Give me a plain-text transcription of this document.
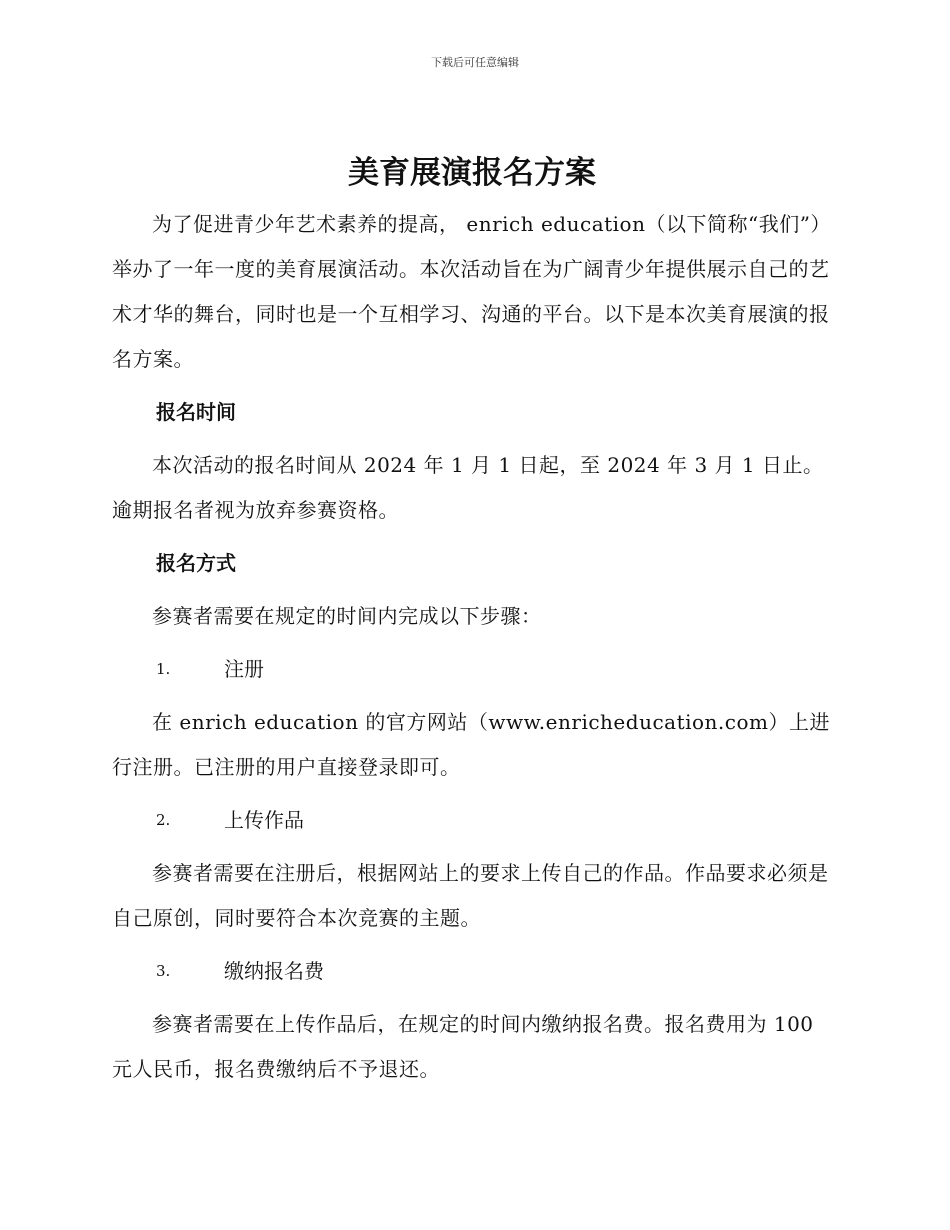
下载后可任意编辑
美育展演报名方案

为了促进青少年艺术素养的提高， enrich education（以下简称“我们”）举办了一年一度的美育展演活动。本次活动旨在为广阔青少年提供展示自己的艺术才华的舞台，同时也是一个互相学习、沟通的平台。以下是本次美育展演的报名方案。

报名时间

本次活动的报名时间从 2024 年 1 月 1 日起，至 2024 年 3 月 1 日止。逾期报名者视为放弃参赛资格。

报名方式

参赛者需要在规定的时间内完成以下步骤：

1.	注册

在 enrich education 的官方网站（www.enricheducation.com）上进行注册。已注册的用户直接登录即可。

2.	上传作品

参赛者需要在注册后，根据网站上的要求上传自己的作品。作品要求必须是自己原创，同时要符合本次竞赛的主题。

3.	缴纳报名费

参赛者需要在上传作品后，在规定的时间内缴纳报名费。报名费用为 100 元人民币，报名费缴纳后不予退还。
